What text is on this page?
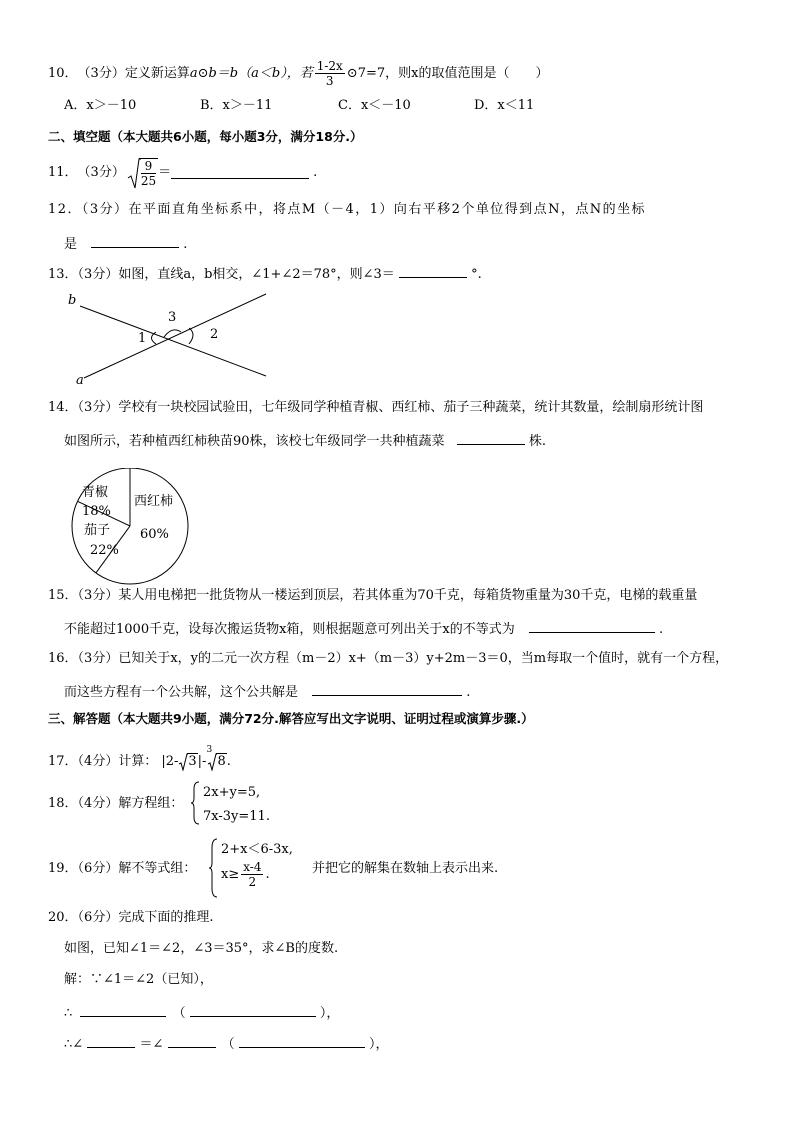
10． （3分） 定义新运算 a⊙b＝b（a＜b），若 $\frac{1-2x}{3}$ ⊙7=7，则x的取值范围是（　　）
A．x＞－10	B．x＞－11	C．x＜－10	D．x＜11
二、填空题（本大题共6小题，每小题3分，满分18分.）
11． （3分） $\frac{9}{25}$ ＝	.
12．（3分）在平面直角坐标系中，将点M（－4，1）向右平移2个单位得到点N，点N的坐标
是	.
13．（3分）如图，直线a，b相交，∠1+∠2＝78°，则∠3＝	°.
b
a
3
1	2
14．（3分）学校有一块校园试验田，七年级同学种植青椒、西红柿、茄子三种蔬菜，统计其数量，绘制扇形统计图
如图所示，若种植西红柿秧苗90株，该校七年级同学一共种植蔬菜	株.
青椒
18%
茄子
22%
西红柿
60%
15．（3分）某人用电梯把一批货物从一楼运到顶层，若其体重为70千克，每箱货物重量为30千克，电梯的载重量
不能超过1000千克，设每次搬运货物x箱，则根据题意可列出关于x的不等式为	.
16．（3分）已知关于x，y的二元一次方程（m－2）x+（m－3）y+2m－3＝0，当m每取一个值时，就有一个方程，
而这些方程有一个公共解，这个公共解是	.
三、解答题（本大题共9小题，满分72分.解答应写出文字说明、证明过程或演算步骤.）
17．（4分）计算： |2- 3 |-
3
8 .
18．（4分）解方程组：
2x+y=5,
7x-3y=11.
19．（6分）解不等式组：
2+x＜6-3x,
$x\ge \frac{x-4}{2}$ .	并把它的解集在数轴上表示出来.
20．（6分）完成下面的推理.
如图，已知∠1＝∠2，∠3＝35°，求∠B的度数.
解：∵∠1＝∠2（已知），
∴	（	），
∴∠	＝∠	（	），
